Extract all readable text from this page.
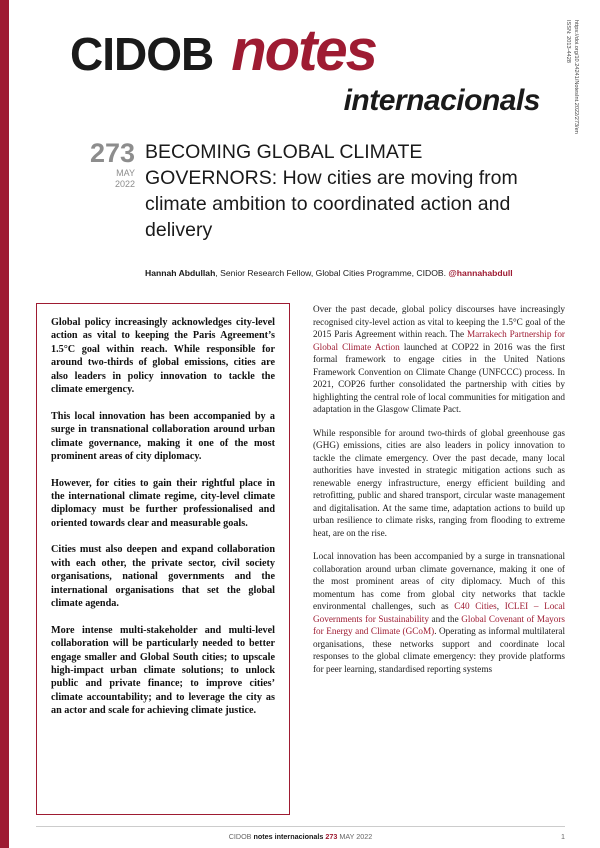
CIDOB notes
internacionals
ISSN: 2013-4428 https://doi.org/10.24241/NotesInt.2022/273/en
273
MAY
2022
BECOMING GLOBAL CLIMATE GOVERNORS: How cities are moving from climate ambition to coordinated action and delivery
Hannah Abdullah, Senior Research Fellow, Global Cities Programme, CIDOB. @hannahabdull

Global policy increasingly acknowledges city-level action as vital to keeping the Paris Agreement’s 1.5°C goal within reach. While responsible for around two-thirds of global emissions, cities are also leaders in policy innovation to tackle the climate emergency.

This local innovation has been accompanied by a surge in transnational collaboration around urban climate governance, making it one of the most prominent areas of city diplomacy.

However, for cities to gain their rightful place in the international climate regime, city-level climate diplomacy must be further professionalised and oriented towards clear and measurable goals.

Cities must also deepen and expand collaboration with each other, the private sector, civil society organisations, national governments and the international organisations that set the global climate agenda.

More intense multi-stakeholder and multi-level collaboration will be particularly needed to better engage smaller and Global South cities; to upscale high-impact urban climate solutions; to unlock public and private finance; to improve cities’ climate accountability; and to leverage the city as an actor and scale for achieving climate justice.

Over the past decade, global policy discourses have increasingly recognised city-level action as vital to keeping the 1.5°C goal of the 2015 Paris Agreement within reach. The Marrakech Partnership for Global Climate Action launched at COP22 in 2016 was the first formal framework to engage cities in the United Nations Framework Convention on Climate Change (UNFCCC) process. In 2021, COP26 further consolidated the partnership with cities by highlighting the central role of local communities for mitigation and adaptation in the Glasgow Climate Pact.

While responsible for around two-thirds of global greenhouse gas (GHG) emissions, cities are also leaders in policy innovation to tackle the climate emergency. Over the past decade, many local authorities have invested in strategic mitigation actions such as renewable energy infrastructure, energy efficient building and retrofitting, public and shared transport, circular waste management and digitalisation. At the same time, adaptation actions to build up urban resilience to climate risks, ranging from flooding to extreme heat, are on the rise.

Local innovation has been accompanied by a surge in transnational collaboration around urban climate governance, making it one of the most prominent areas of city diplomacy. Much of this momentum has come from global city networks that tackle environmental challenges, such as C40 Cities, ICLEI – Local Governments for Sustainability and the Global Covenant of Mayors for Energy and Climate (GCoM). Operating as informal multilateral organisations, these networks support and coordinate local responses to the global climate emergency: they provide platforms for peer learning, standardised reporting systems

CIDOB notes internacionals 273 MAY 2022	1
